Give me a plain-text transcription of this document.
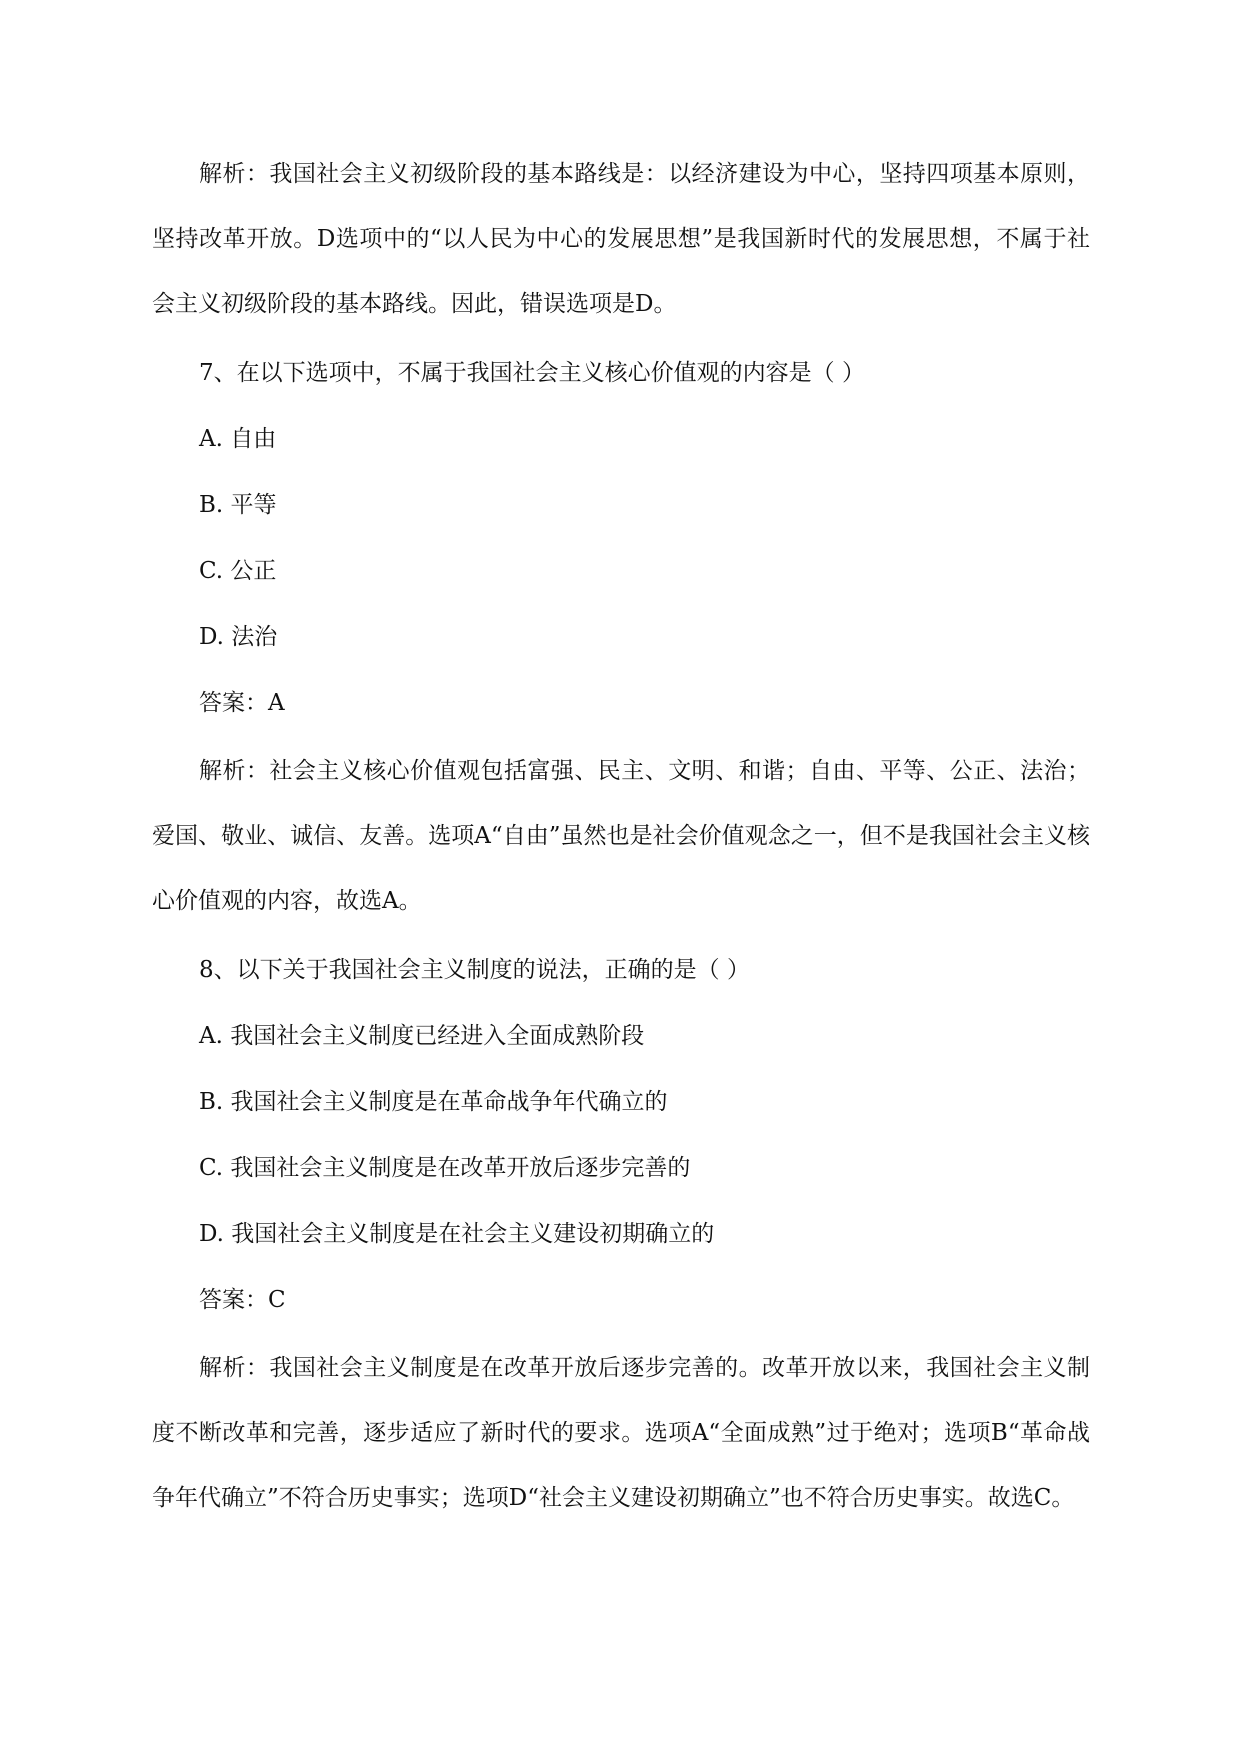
解析：我国社会主义初级阶段的基本路线是：以经济建设为中心，坚持四项基本原则，坚持改革开放。D选项中的“以人民为中心的发展思想”是我国新时代的发展思想，不属于社会主义初级阶段的基本路线。因此，错误选项是D。

7、在以下选项中，不属于我国社会主义核心价值观的内容是（ ）

A. 自由

B. 平等

C. 公正

D. 法治

答案：A

解析：社会主义核心价值观包括富强、民主、文明、和谐；自由、平等、公正、法治；爱国、敬业、诚信、友善。选项A“自由”虽然也是社会价值观念之一，但不是我国社会主义核心价值观的内容，故选A。

8、以下关于我国社会主义制度的说法，正确的是（ ）

A. 我国社会主义制度已经进入全面成熟阶段

B. 我国社会主义制度是在革命战争年代确立的

C. 我国社会主义制度是在改革开放后逐步完善的

D. 我国社会主义制度是在社会主义建设初期确立的

答案：C

解析：我国社会主义制度是在改革开放后逐步完善的。改革开放以来，我国社会主义制度不断改革和完善，逐步适应了新时代的要求。选项A“全面成熟”过于绝对；选项B“革命战争年代确立”不符合历史事实；选项D“社会主义建设初期确立”也不符合历史事实。故选C。
